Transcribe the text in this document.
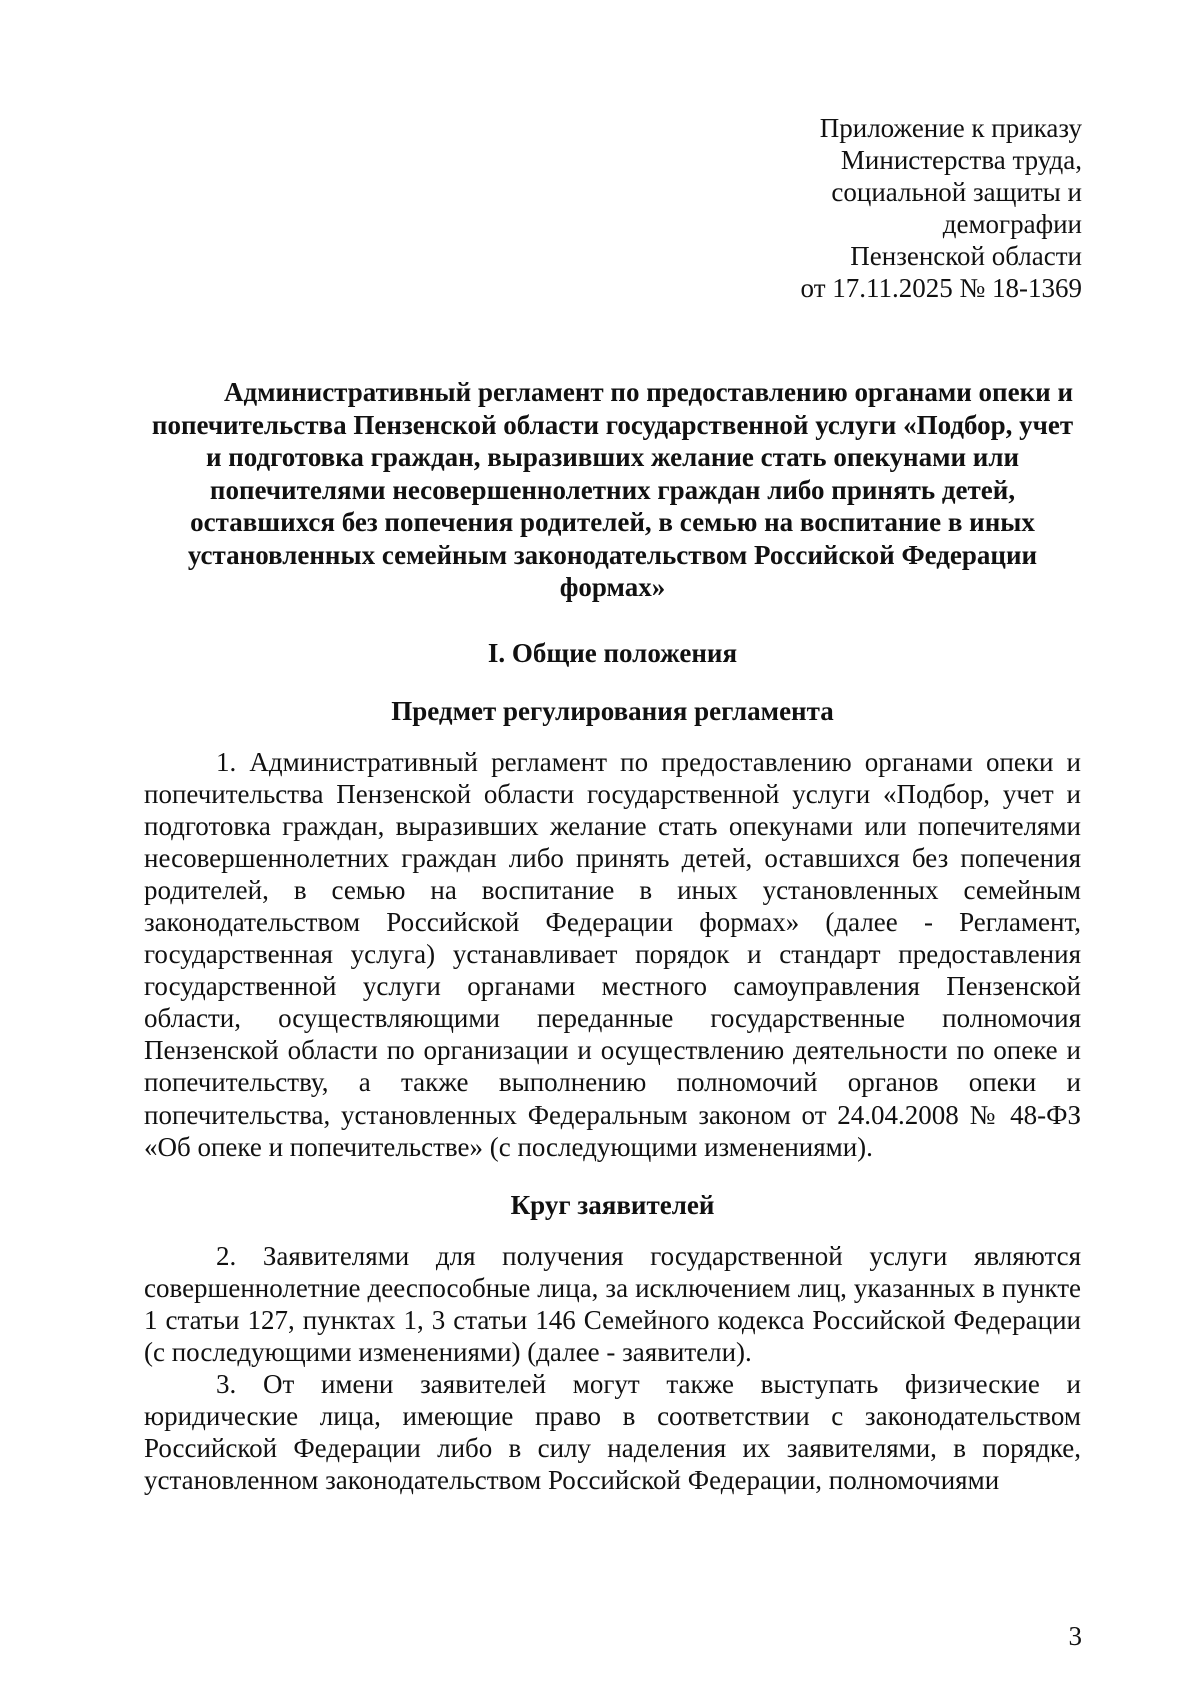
Приложение к приказу
Министерства труда,
социальной защиты и
демографии
Пензенской области
от 17.11.2025 № 18-1369

Административный регламент по предоставлению органами опеки и попечительства Пензенской области государственной услуги «Подбор, учет и подготовка граждан, выразивших желание стать опекунами или попечителями несовершеннолетних граждан либо принять детей, оставшихся без попечения родителей, в семью на воспитание в иных установленных семейным законодательством Российской Федерации формах»

I. Общие положения

Предмет регулирования регламента

1. Административный регламент по предоставлению органами опеки и попечительства Пензенской области государственной услуги «Подбор, учет и подготовка граждан, выразивших желание стать опекунами или попечителями несовершеннолетних граждан либо принять детей, оставшихся без попечения родителей, в семью на воспитание в иных установленных семейным законодательством Российской Федерации формах» (далее - Регламент, государственная услуга) устанавливает порядок и стандарт предоставления государственной услуги органами местного самоуправления Пензенской области, осуществляющими переданные государственные полномочия Пензенской области по организации и осуществлению деятельности по опеке и попечительству, а также выполнению полномочий органов опеки и попечительства, установленных Федеральным законом от 24.04.2008 № 48-ФЗ «Об опеке и попечительстве» (с последующими изменениями).

Круг заявителей

2. Заявителями для получения государственной услуги являются совершеннолетние дееспособные лица, за исключением лиц, указанных в пункте 1 статьи 127, пунктах 1, 3 статьи 146 Семейного кодекса Российской Федерации (с последующими изменениями) (далее - заявители).

3. От имени заявителей могут также выступать физические и юридические лица, имеющие право в соответствии с законодательством Российской Федерации либо в силу наделения их заявителями, в порядке, установленном законодательством Российской Федерации, полномочиями

3
